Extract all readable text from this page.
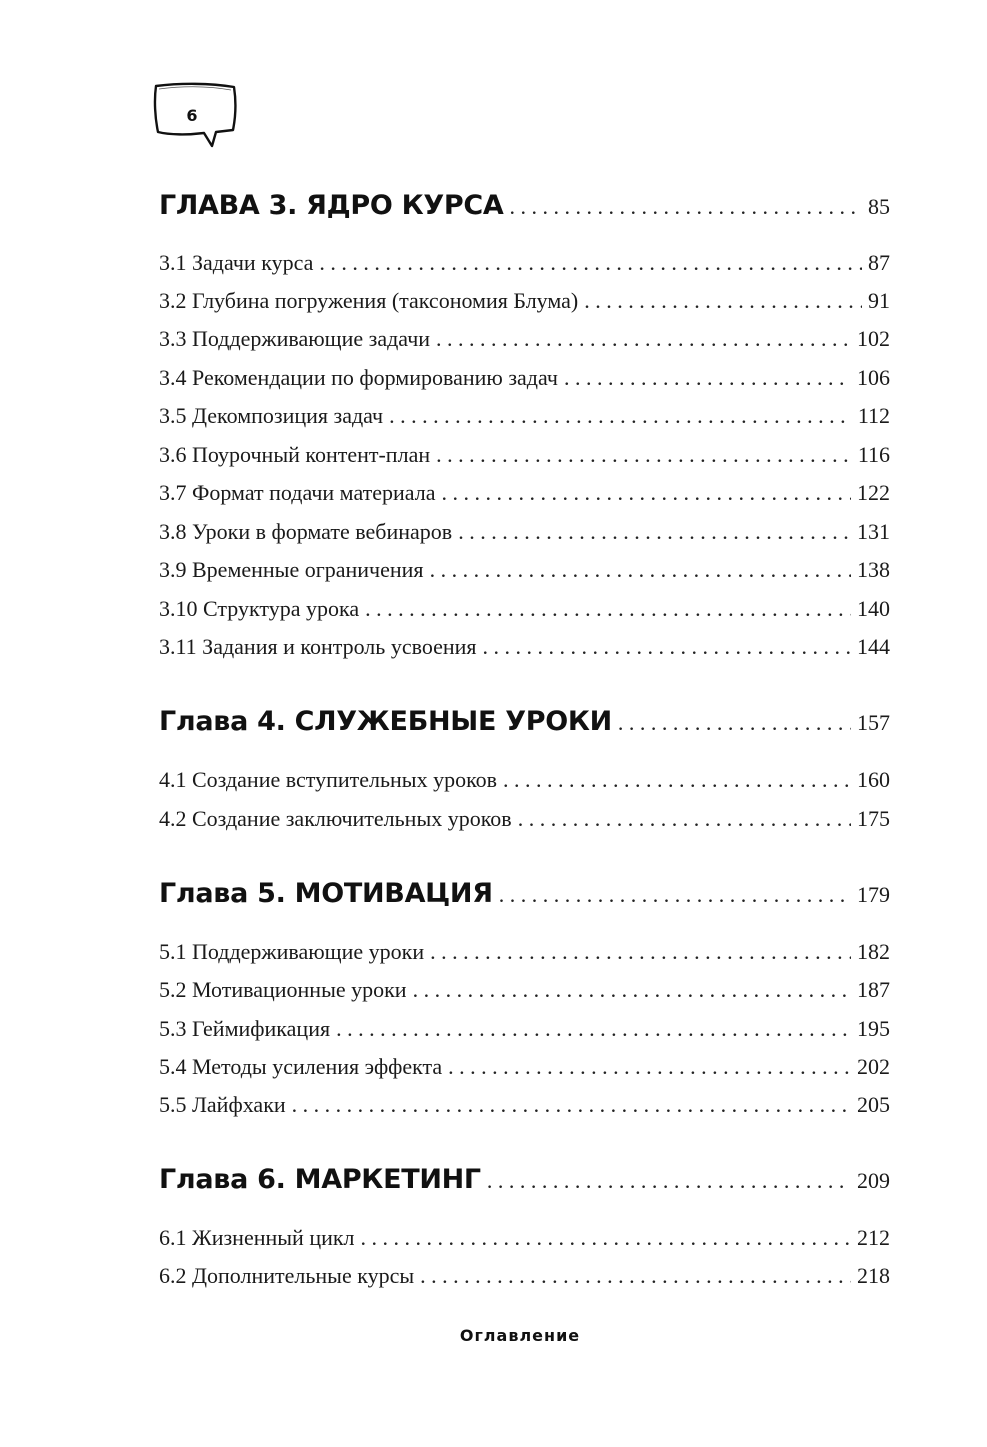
6
ГЛАВА 3. ЯДРО КУРСА . . .	85
3.1 Задачи курса . . .	87
3.2 Глубина погружения (таксономия Блума) . . .	91
3.3 Поддерживающие задачи . . .	102
3.4 Рекомендации по формированию задач . . .	106
3.5 Декомпозиция задач . . .	112
3.6 Поурочный контент-план . . .	116
3.7 Формат подачи материала . . .	122
3.8 Уроки в формате вебинаров . . .	131
3.9 Временные ограничения . . .	138
3.10 Структура урока . . .	140
3.11 Задания и контроль усвоения . . .	144
Глава 4. СЛУЖЕБНЫЕ УРОКИ . . .	157
4.1 Создание вступительных уроков . . .	160
4.2 Создание заключительных уроков . . .	175
Глава 5. МОТИВАЦИЯ . . .	179
5.1 Поддерживающие уроки . . .	182
5.2 Мотивационные уроки . . .	187
5.3 Геймификация . . .	195
5.4 Методы усиления эффекта . . .	202
5.5 Лайфхаки . . .	205
Глава 6. МАРКЕТИНГ . . .	209
6.1 Жизненный цикл . . .	212
6.2 Дополнительные курсы . . .	218
Оглавление
